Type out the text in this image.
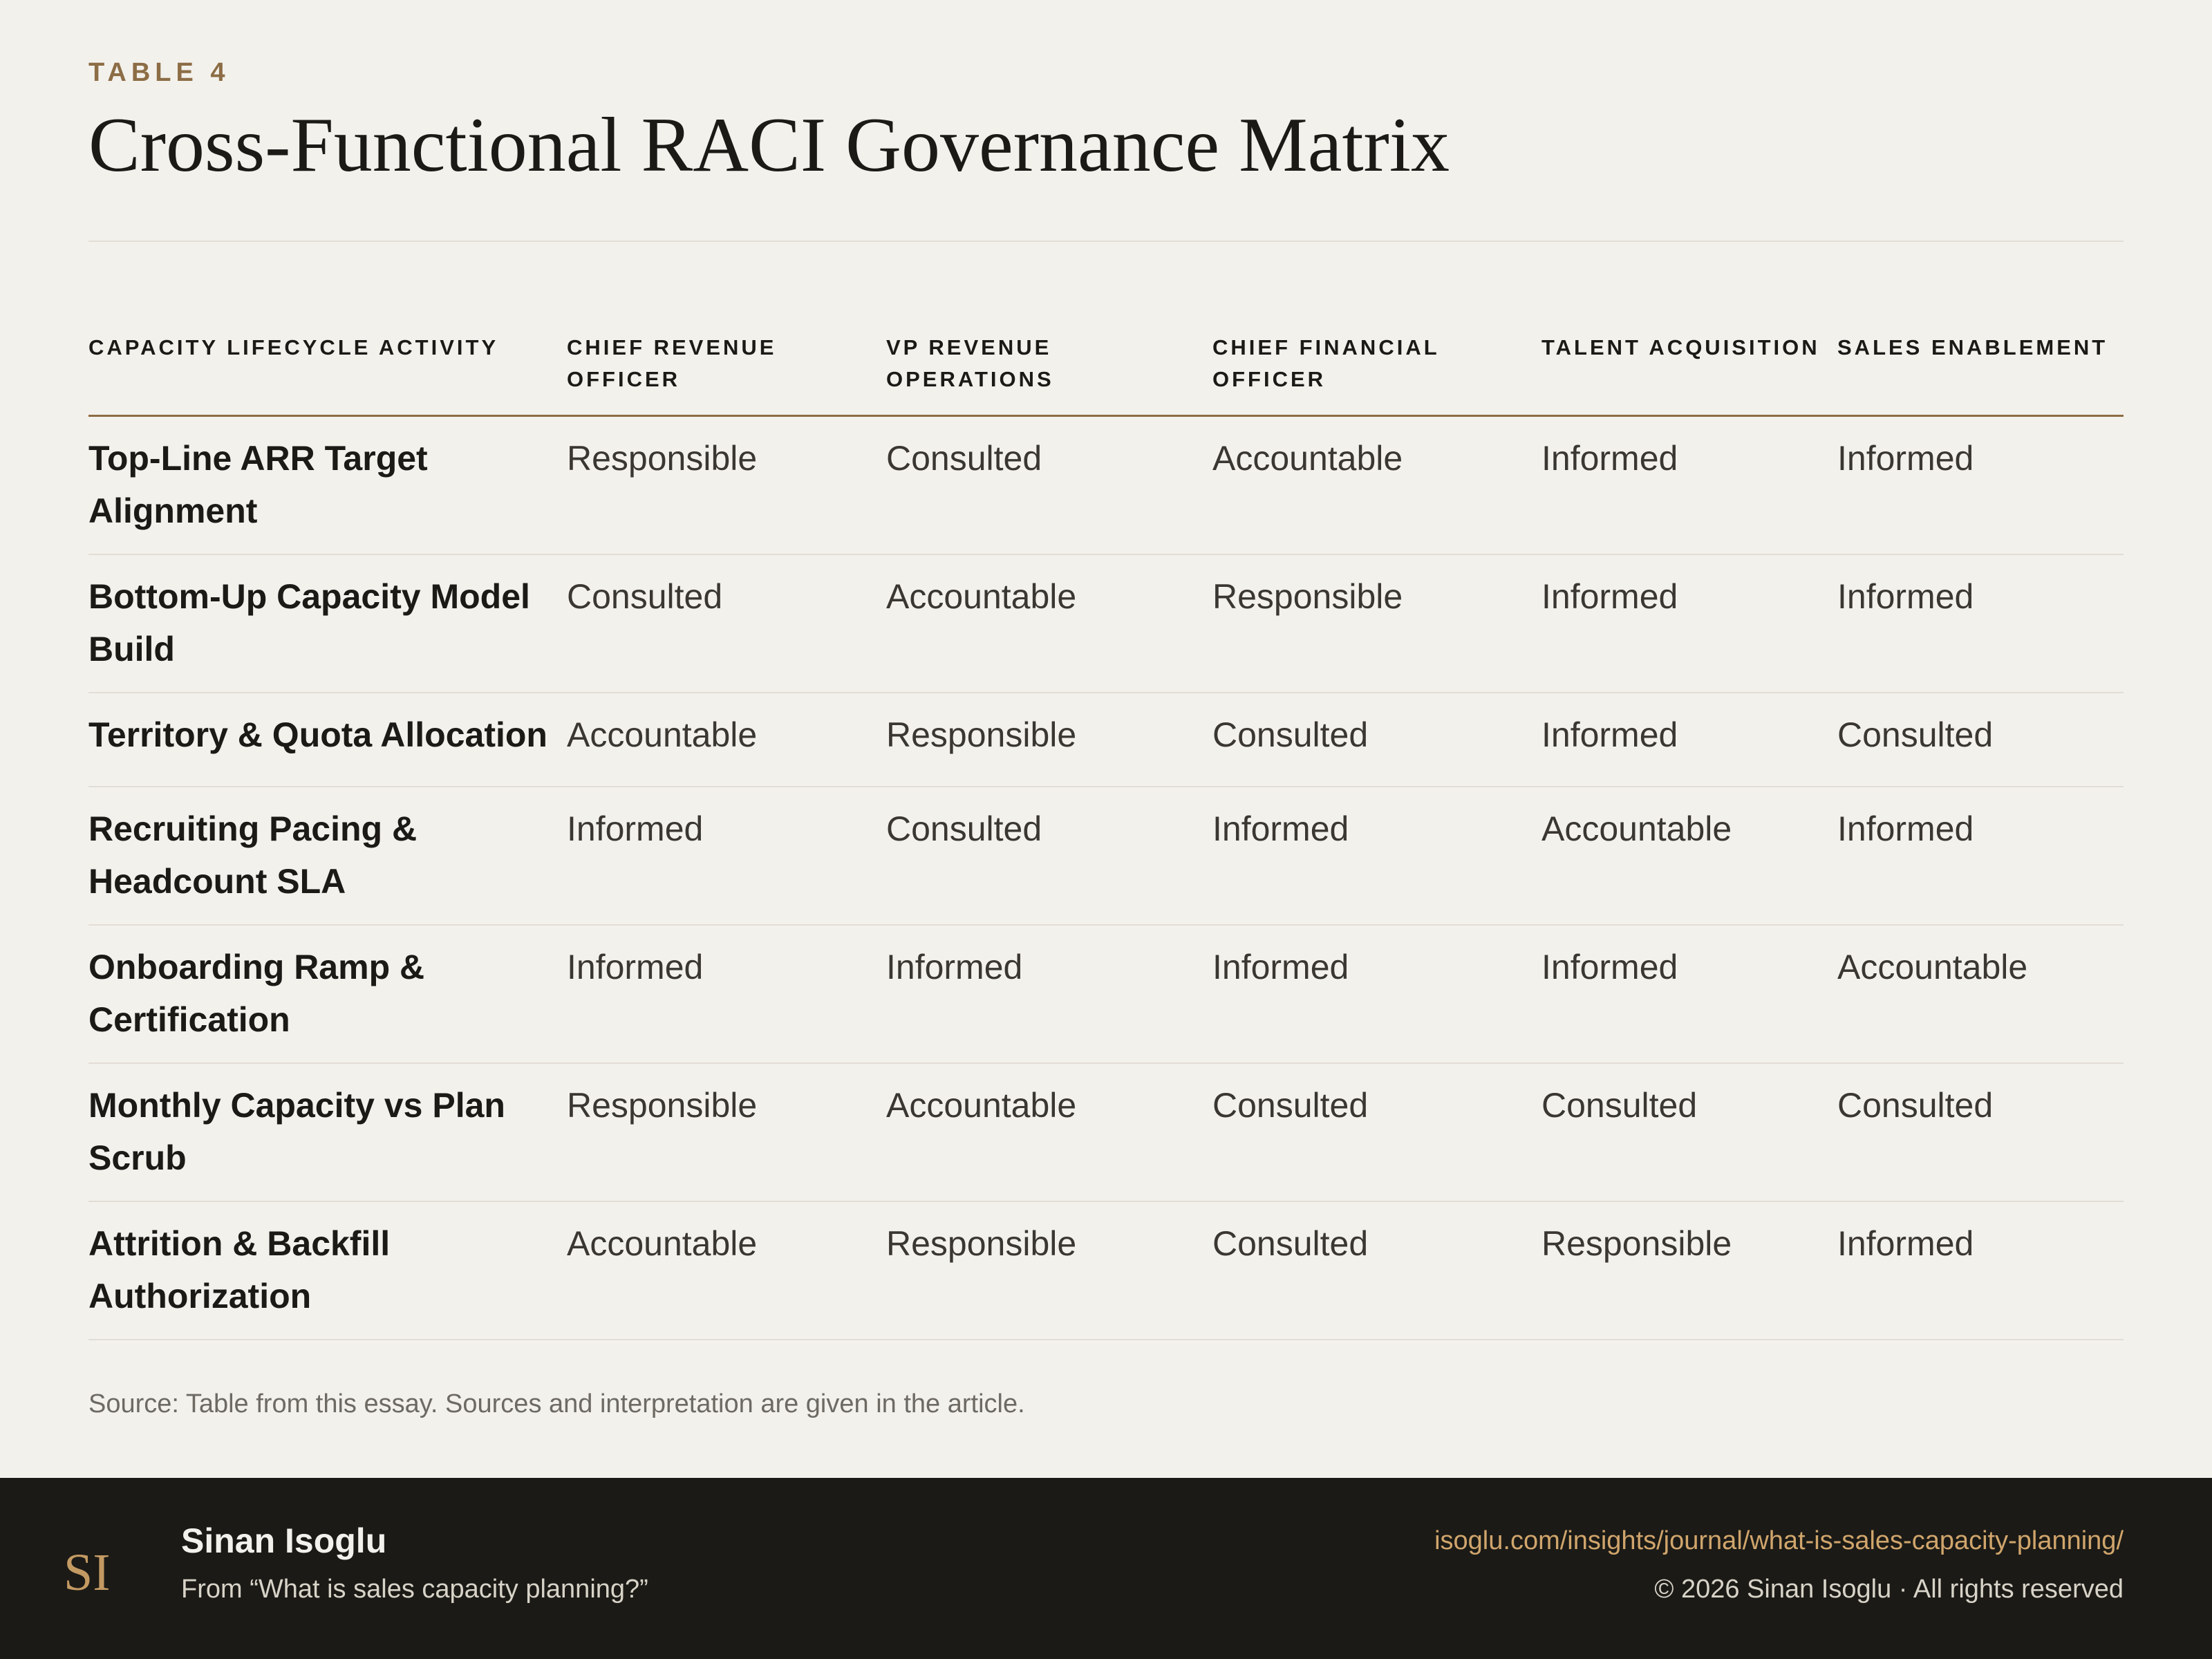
TABLE 4
Cross-Functional RACI Governance Matrix
CAPACITY LIFECYCLE ACTIVITY	CHIEF REVENUE OFFICER	VP REVENUE OPERATIONS	CHIEF FINANCIAL OFFICER	TALENT ACQUISITION	SALES ENABLEMENT
Top-Line ARR Target Alignment	Responsible	Consulted	Accountable	Informed	Informed
Bottom-Up Capacity Model Build	Consulted	Accountable	Responsible	Informed	Informed
Territory & Quota Allocation	Accountable	Responsible	Consulted	Informed	Consulted
Recruiting Pacing & Headcount SLA	Informed	Consulted	Informed	Accountable	Informed
Onboarding Ramp & Certification	Informed	Informed	Informed	Informed	Accountable
Monthly Capacity vs Plan Scrub	Responsible	Accountable	Consulted	Consulted	Consulted
Attrition & Backfill Authorization	Accountable	Responsible	Consulted	Responsible	Informed
Source: Table from this essay. Sources and interpretation are given in the article.
SI
Sinan Isoglu
From “What is sales capacity planning?”
isoglu.com/insights/journal/what-is-sales-capacity-planning/
© 2026 Sinan Isoglu · All rights reserved
